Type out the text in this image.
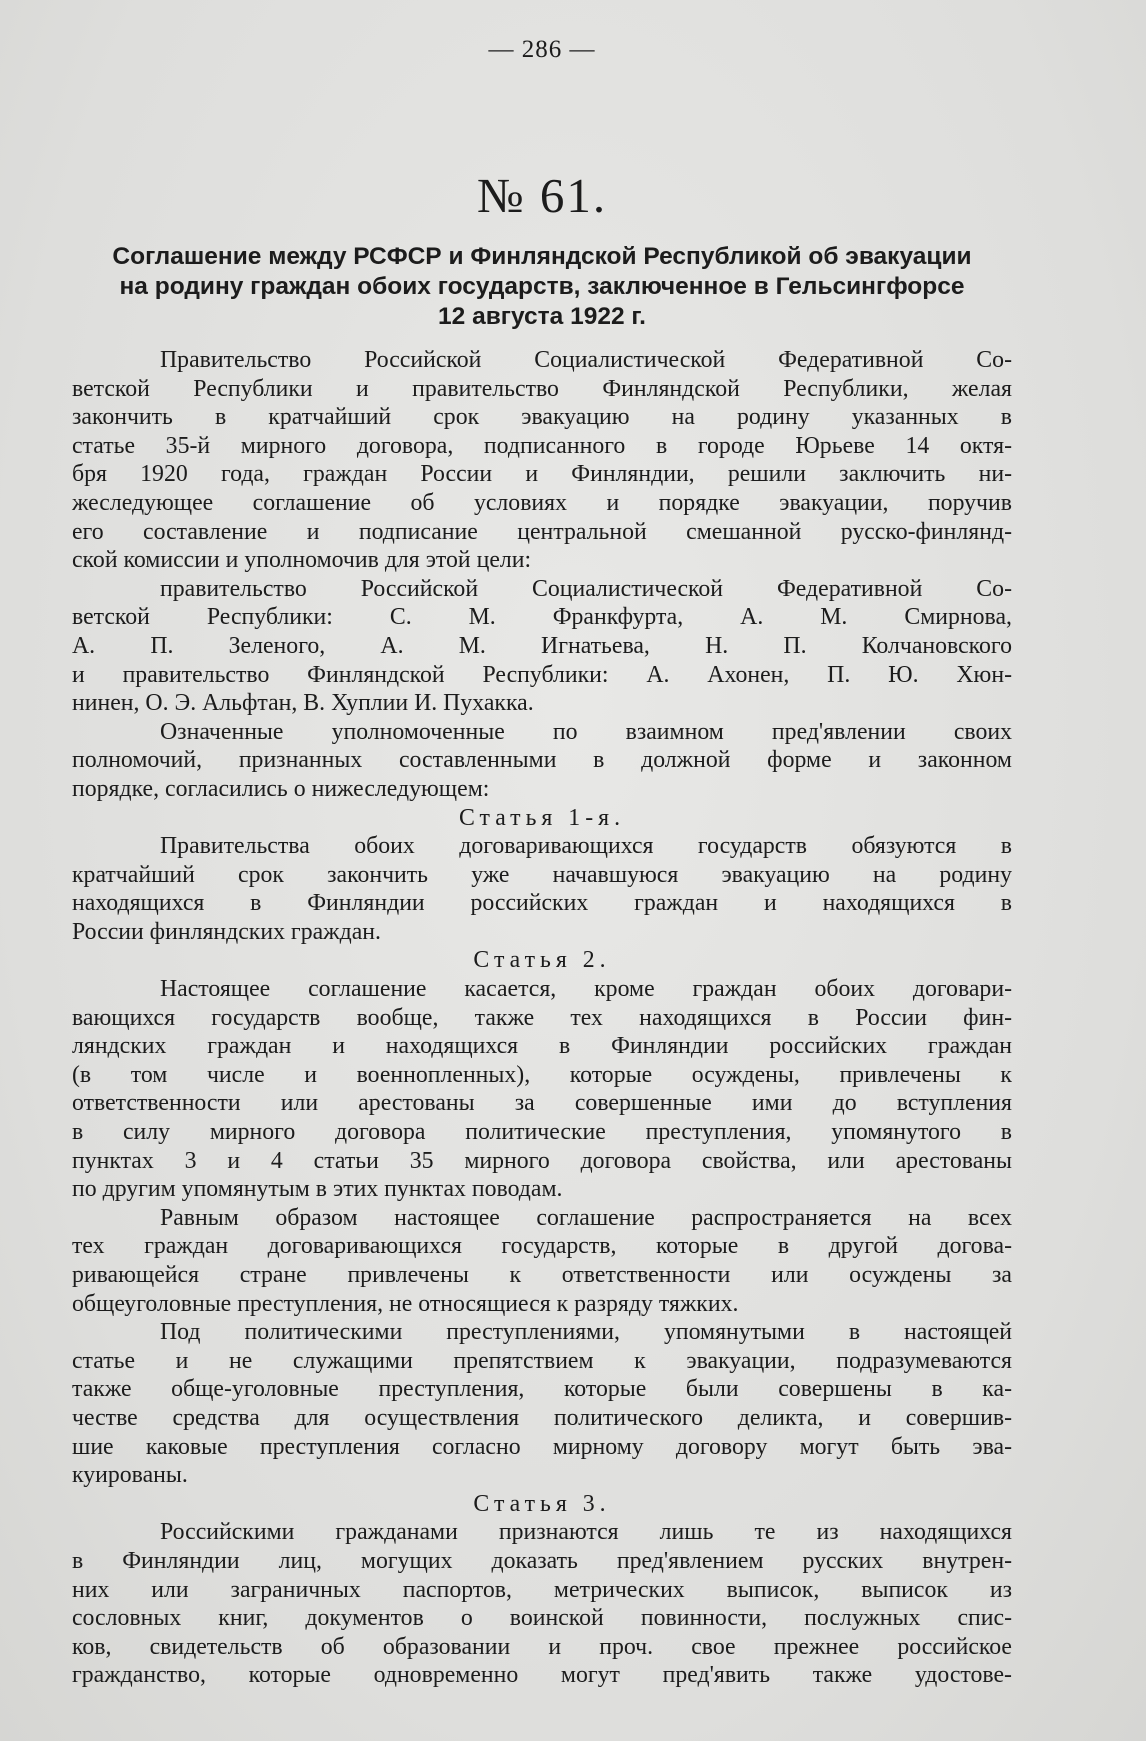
— 286 —
№ 61.
Соглашение между РСФСР и Финляндской Республикой об эвакуации
на родину граждан обоих государств, заключенное в Гельсингфорсе
12 августа 1922 г.
Правительство Российской Социалистической Федеративной Со-
ветской Республики и правительство Финляндской Республики, желая
закончить в кратчайший срок эвакуацию на родину указанных в
статье 35-й мирного договора, подписанного в городе Юрьеве 14 октя-
бря 1920 года, граждан России и Финляндии, решили заключить ни-
жеследующее соглашение об условиях и порядке эвакуации, поручив
его составление и подписание центральной смешанной русско-финлянд-
ской комиссии и уполномочив для этой цели:
правительство Российской Социалистической Федеративной Со-
ветской Республики: С. М. Франкфурта, А. М. Смирнова,
А. П. Зеленого, А. М. Игнатьева, Н. П. Колчановского
и правительство Финляндской Республики: А. Ахонен, П. Ю. Хюн-
нинен, О. Э. Альфтан, В. Хуплии И. Пухакка.
Означенные уполномоченные по взаимном пред'явлении своих
полномочий, признанных составленными в должной форме и законном
порядке, согласились о нижеследующем:
Статья 1-я.
Правительства обоих договаривающихся государств обязуются в
кратчайший срок закончить уже начавшуюся эвакуацию на родину
находящихся в Финляндии российских граждан и находящихся в
России финляндских граждан.
Статья 2.
Настоящее соглашение касается, кроме граждан обоих договари-
вающихся государств вообще, также тех находящихся в России фин-
ляндских граждан и находящихся в Финляндии российских граждан
(в том числе и военнопленных), которые осуждены, привлечены к
ответственности или арестованы за совершенные ими до вступления
в силу мирного договора политические преступления, упомянутого в
пунктах 3 и 4 статьи 35 мирного договора свойства, или арестованы
по другим упомянутым в этих пунктах поводам.
Равным образом настоящее соглашение распространяется на всех
тех граждан договаривающихся государств, которые в другой догова-
ривающейся стране привлечены к ответственности или осуждены за
общеуголовные преступления, не относящиеся к разряду тяжких.
Под политическими преступлениями, упомянутыми в настоящей
статье и не служащими препятствием к эвакуации, подразумеваются
также обще-уголовные преступления, которые были совершены в ка-
честве средства для осуществления политического деликта, и совершив-
шие каковые преступления согласно мирному договору могут быть эва-
куированы.
Статья 3.
Российскими гражданами признаются лишь те из находящихся
в Финляндии лиц, могущих доказать пред'явлением русских внутрен-
них или заграничных паспортов, метрических выписок, выписок из
сословных книг, документов о воинской повинности, послужных спис-
ков, свидетельств об образовании и проч. свое прежнее российское
гражданство, которые одновременно могут пред'явить также удостове-
